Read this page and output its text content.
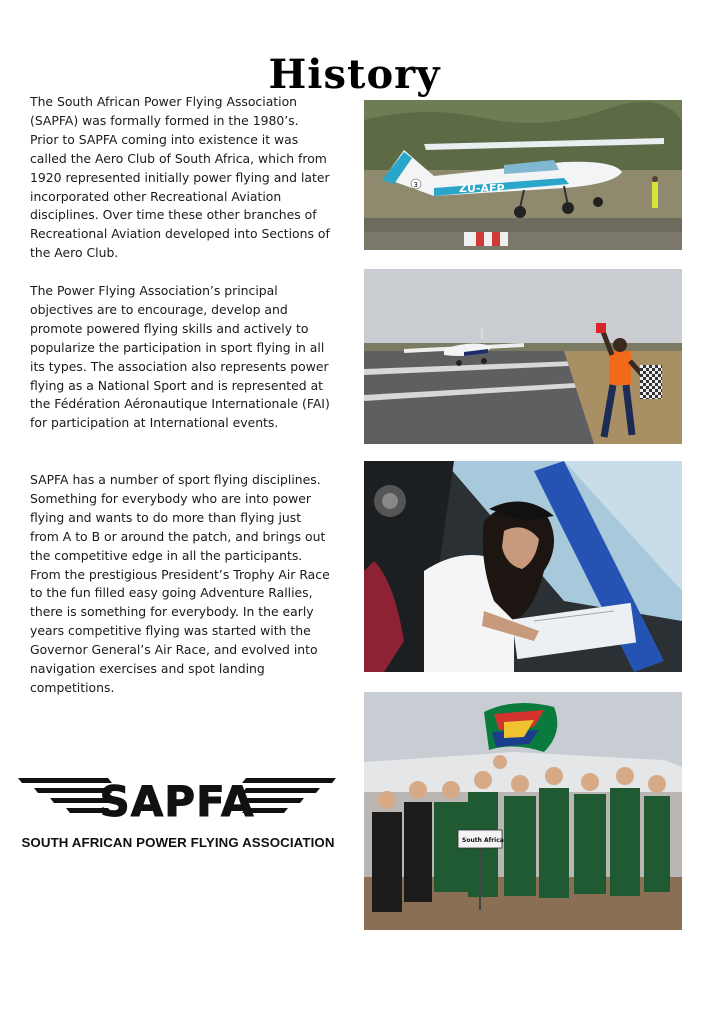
History

The South African Power Flying Association (SAPFA) was formally formed in the 1980’s. Prior to SAPFA coming into existence it was called the Aero Club of South Africa, which from 1920 represented initially power flying and later incorporated other Recreational Aviation disciplines. Over time these other branches of Recreational Aviation developed into Sections of the Aero Club.

The Power Flying Association’s principal objectives are to encourage, develop and promote powered flying skills and actively to popularize the participation in sport flying in all its types. The association also represents power flying as a National Sport and is represented at the Fédération Aéronautique Internationale (FAI) for participation at International events.

SAPFA has a number of sport flying disciplines. Something for everybody who are into power flying and wants to do more than flying just from A to B or around the patch, and brings out the competitive edge in all the participants. From the prestigious President’s Trophy Air Race to the fun filled easy going Adventure Rallies, there is something for everybody. In the early years competitive flying was started with the Governor General’s Air Race, and evolved into navigation exercises and spot landing competitions.

ZU-AFP
3
South Africa
SAPFA
SOUTH AFRICAN POWER FLYING ASSOCIATION
